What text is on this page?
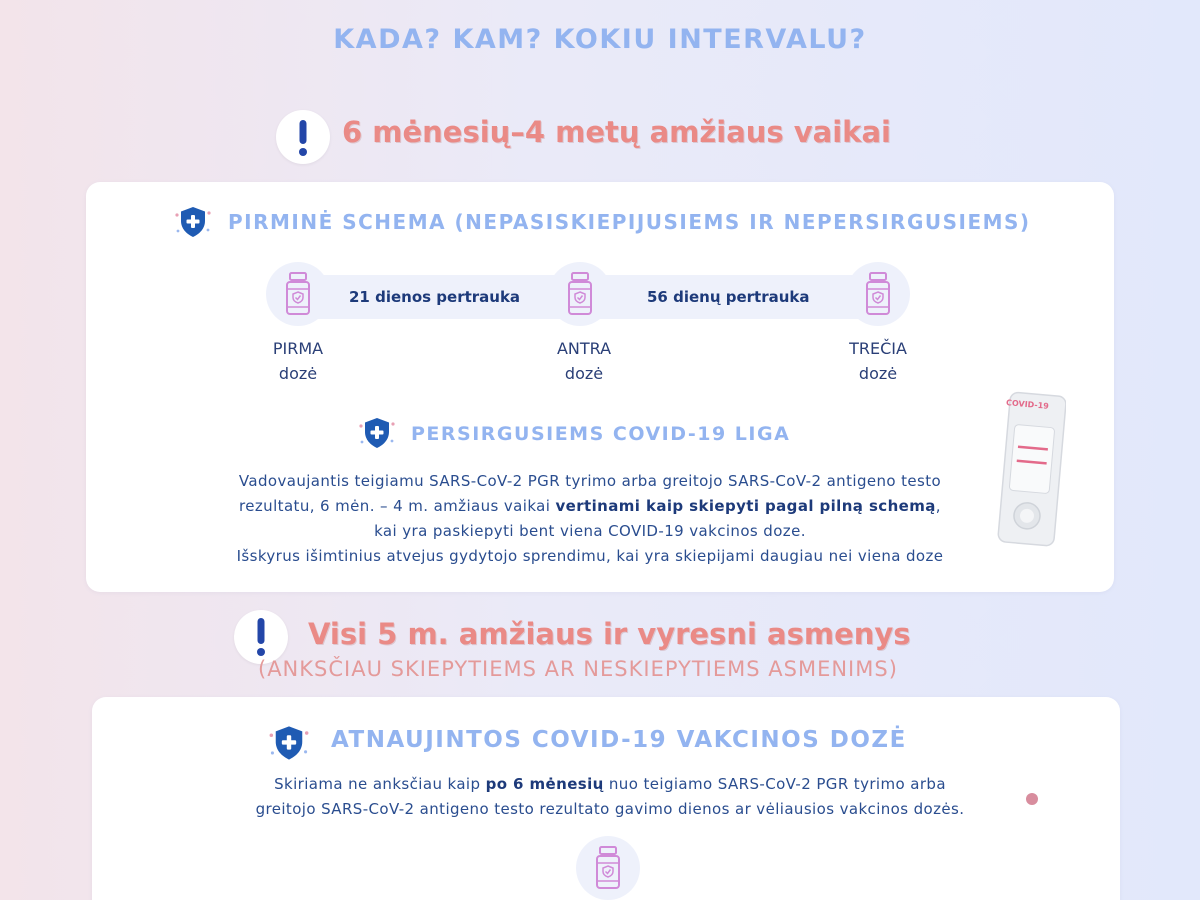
KADA? KAM? KOKIU INTERVALU?
6 mėnesių–4 metų amžiaus vaikai
PIRMINĖ SCHEMA (NEPASISKIEPIJUSIEMS IR NEPERSIRGUSIEMS)
21 dienos pertrauka	56 dienų pertrauka
PIRMA
dozė
ANTRA
dozė
TREČIA
dozė
PERSIRGUSIEMS COVID-19 LIGA
Vadovaujantis teigiamu SARS-CoV-2 PGR tyrimo arba greitojo SARS-CoV-2 antigeno testo
rezultatu, 6 mėn. – 4 m. amžiaus vaikai vertinami kaip skiepyti pagal pilną schemą,
kai yra paskiepyti bent viena COVID-19 vakcinos doze.
Išskyrus išimtinius atvejus gydytojo sprendimu, kai yra skiepijami daugiau nei viena doze
COVID-19
Visi 5 m. amžiaus ir vyresni asmenys
(ANKSČIAU SKIEPYTIEMS AR NESKIEPYTIEMS ASMENIMS)
ATNAUJINTOS COVID-19 VAKCINOS DOZĖ
Skiriama ne anksčiau kaip po 6 mėnesių nuo teigiamo SARS-CoV-2 PGR tyrimo arba
greitojo SARS-CoV-2 antigeno testo rezultato gavimo dienos ar vėliausios vakcinos dozės.
